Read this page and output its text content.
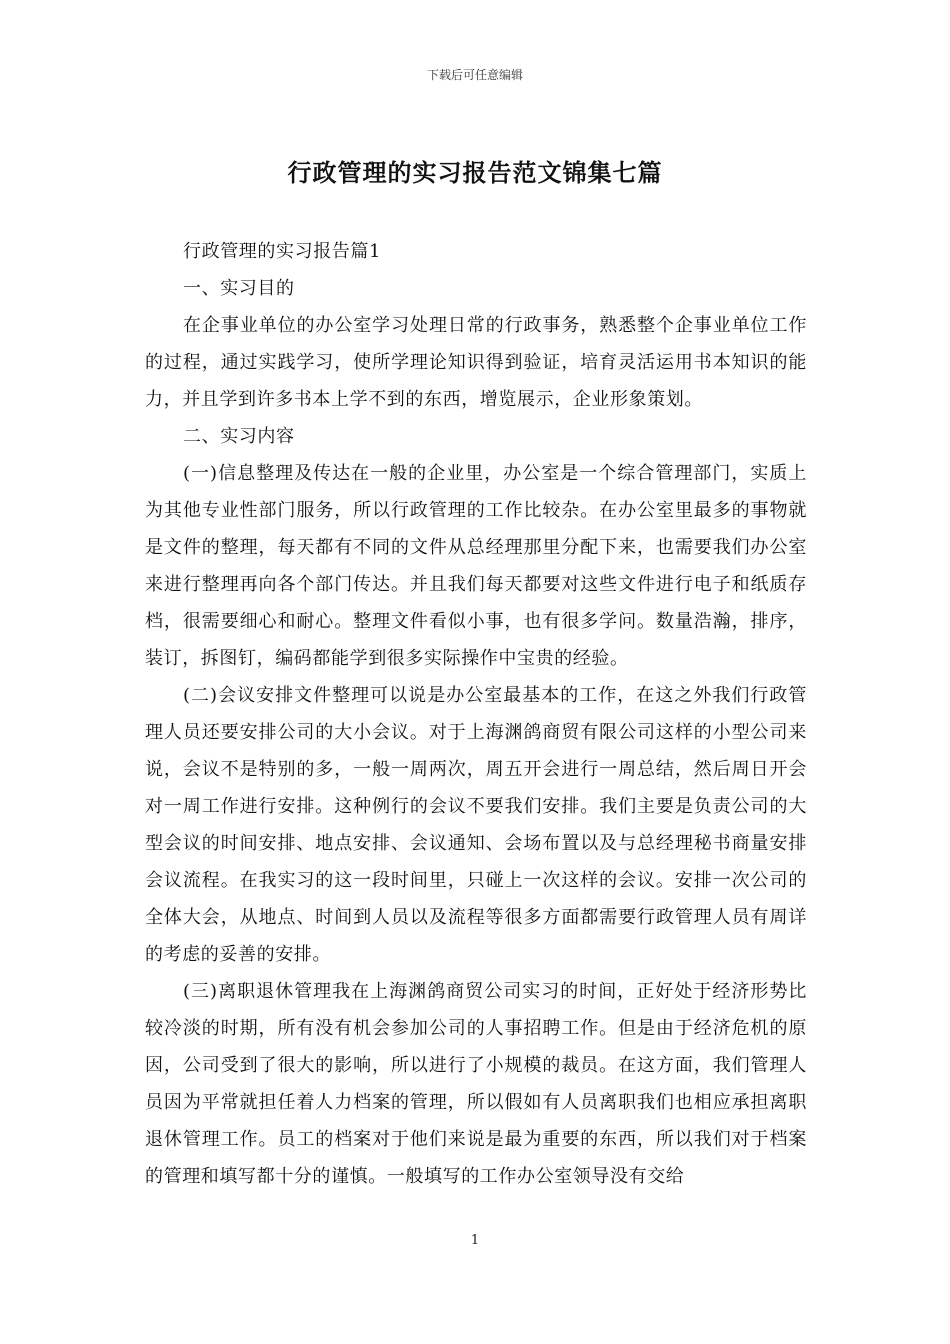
下载后可任意编辑
行政管理的实习报告范文锦集七篇

行政管理的实习报告篇1

一、实习目的

在企事业单位的办公室学习处理日常的行政事务，熟悉整个企事业单位工作的过程，通过实践学习，使所学理论知识得到验证，培育灵活运用书本知识的能力，并且学到许多书本上学不到的东西，增览展示，企业形象策划。

二、实习内容

(一)信息整理及传达在一般的企业里，办公室是一个综合管理部门，实质上为其他专业性部门服务，所以行政管理的工作比较杂。在办公室里最多的事物就是文件的整理，每天都有不同的文件从总经理那里分配下来，也需要我们办公室来进行整理再向各个部门传达。并且我们每天都要对这些文件进行电子和纸质存档，很需要细心和耐心。整理文件看似小事，也有很多学问。数量浩瀚，排序，装订，拆图钉，编码都能学到很多实际操作中宝贵的经验。

(二)会议安排文件整理可以说是办公室最基本的工作，在这之外我们行政管理人员还要安排公司的大小会议。对于上海渊鸽商贸有限公司这样的小型公司来说，会议不是特别的多，一般一周两次，周五开会进行一周总结，然后周日开会对一周工作进行安排。这种例行的会议不要我们安排。我们主要是负责公司的大型会议的时间安排、地点安排、会议通知、会场布置以及与总经理秘书商量安排会议流程。在我实习的这一段时间里，只碰上一次这样的会议。安排一次公司的全体大会，从地点、时间到人员以及流程等很多方面都需要行政管理人员有周详的考虑的妥善的安排。

(三)离职退休管理我在上海渊鸽商贸公司实习的时间，正好处于经济形势比较冷淡的时期，所有没有机会参加公司的人事招聘工作。但是由于经济危机的原因，公司受到了很大的影响，所以进行了小规模的裁员。在这方面，我们管理人员因为平常就担任着人力档案的管理，所以假如有人员离职我们也相应承担离职退休管理工作。员工的档案对于他们来说是最为重要的东西，所以我们对于档案的管理和填写都十分的谨慎。一般填写的工作办公室领导没有交给

1
